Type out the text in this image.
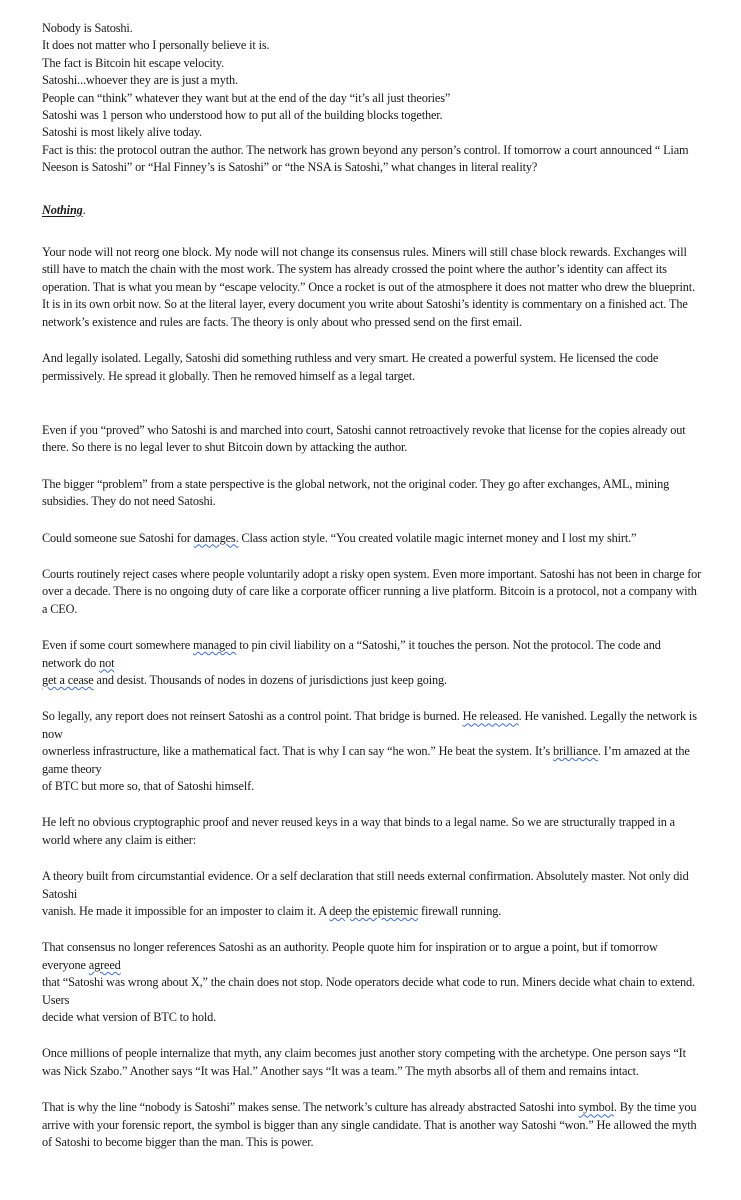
Nobody is Satoshi.
It does not matter who I personally believe it is.
The fact is Bitcoin hit escape velocity.
Satoshi...whoever they are is just a myth.
People can “think” whatever they want but at the end of the day “it’s all just theories”
Satoshi was 1 person who understood how to put all of the building blocks together.
Satoshi is most likely alive today.

Fact is this: the protocol outran the author. The network has grown beyond any person’s control. If tomorrow a court announced “ Liam Neeson is Satoshi” or “Hal Finney’s is Satoshi” or “the NSA is Satoshi,” what changes in literal reality?

Nothing.

Your node will not reorg one block. My node will not change its consensus rules. Miners will still chase block rewards. Exchanges will still have to match the chain with the most work. The system has already crossed the point where the author’s identity can affect its operation. That is what you mean by “escape velocity.” Once a rocket is out of the atmosphere it does not matter who drew the blueprint. It is in its own orbit now. So at the literal layer, every document you write about Satoshi’s identity is commentary on a finished act. The network’s existence and rules are facts. The theory is only about who pressed send on the first email.

And legally isolated. Legally, Satoshi did something ruthless and very smart. He created a powerful system. He licensed the code permissively. He spread it globally. Then he removed himself as a legal target.

Even if you “proved” who Satoshi is and marched into court, Satoshi cannot retroactively revoke that license for the copies already out there. So there is no legal lever to shut Bitcoin down by attacking the author.

The bigger “problem” from a state perspective is the global network, not the original coder. They go after exchanges, AML, mining subsidies. They do not need Satoshi.

Could someone sue Satoshi for damages. Class action style. “You created volatile magic internet money and I lost my shirt.”

Courts routinely reject cases where people voluntarily adopt a risky open system. Even more important. Satoshi has not been in charge for over a decade. There is no ongoing duty of care like a corporate officer running a live platform. Bitcoin is a protocol, not a company with a CEO.

Even if some court somewhere managed to pin civil liability on a “Satoshi,” it touches the person. Not the protocol. The code and network do not
get a cease and desist. Thousands of nodes in dozens of jurisdictions just keep going.

So legally, any report does not reinsert Satoshi as a control point. That bridge is burned. He released. He vanished. Legally the network is now
ownerless infrastructure, like a mathematical fact. That is why I can say “he won.” He beat the system. It’s brilliance. I’m amazed at the game theory
of BTC but more so, that of Satoshi himself.

He left no obvious cryptographic proof and never reused keys in a way that binds to a legal name. So we are structurally trapped in a world where any claim is either:

A theory built from circumstantial evidence. Or a self declaration that still needs external confirmation. Absolutely master. Not only did Satoshi
vanish. He made it impossible for an imposter to claim it. A deep the epistemic firewall running.

That consensus no longer references Satoshi as an authority. People quote him for inspiration or to argue a point, but if tomorrow everyone agreed
that “Satoshi was wrong about X,” the chain does not stop. Node operators decide what code to run. Miners decide what chain to extend. Users
decide what version of BTC to hold.

Once millions of people internalize that myth, any claim becomes just another story competing with the archetype. One person says “It was Nick Szabo.” Another says “It was Hal.” Another says “It was a team.” The myth absorbs all of them and remains intact.

That is why the line “nobody is Satoshi” makes sense. The network’s culture has already abstracted Satoshi into symbol. By the time you arrive with your forensic report, the symbol is bigger than any single candidate. That is another way Satoshi “won.” He allowed the myth of Satoshi to become bigger than the man. This is power.
